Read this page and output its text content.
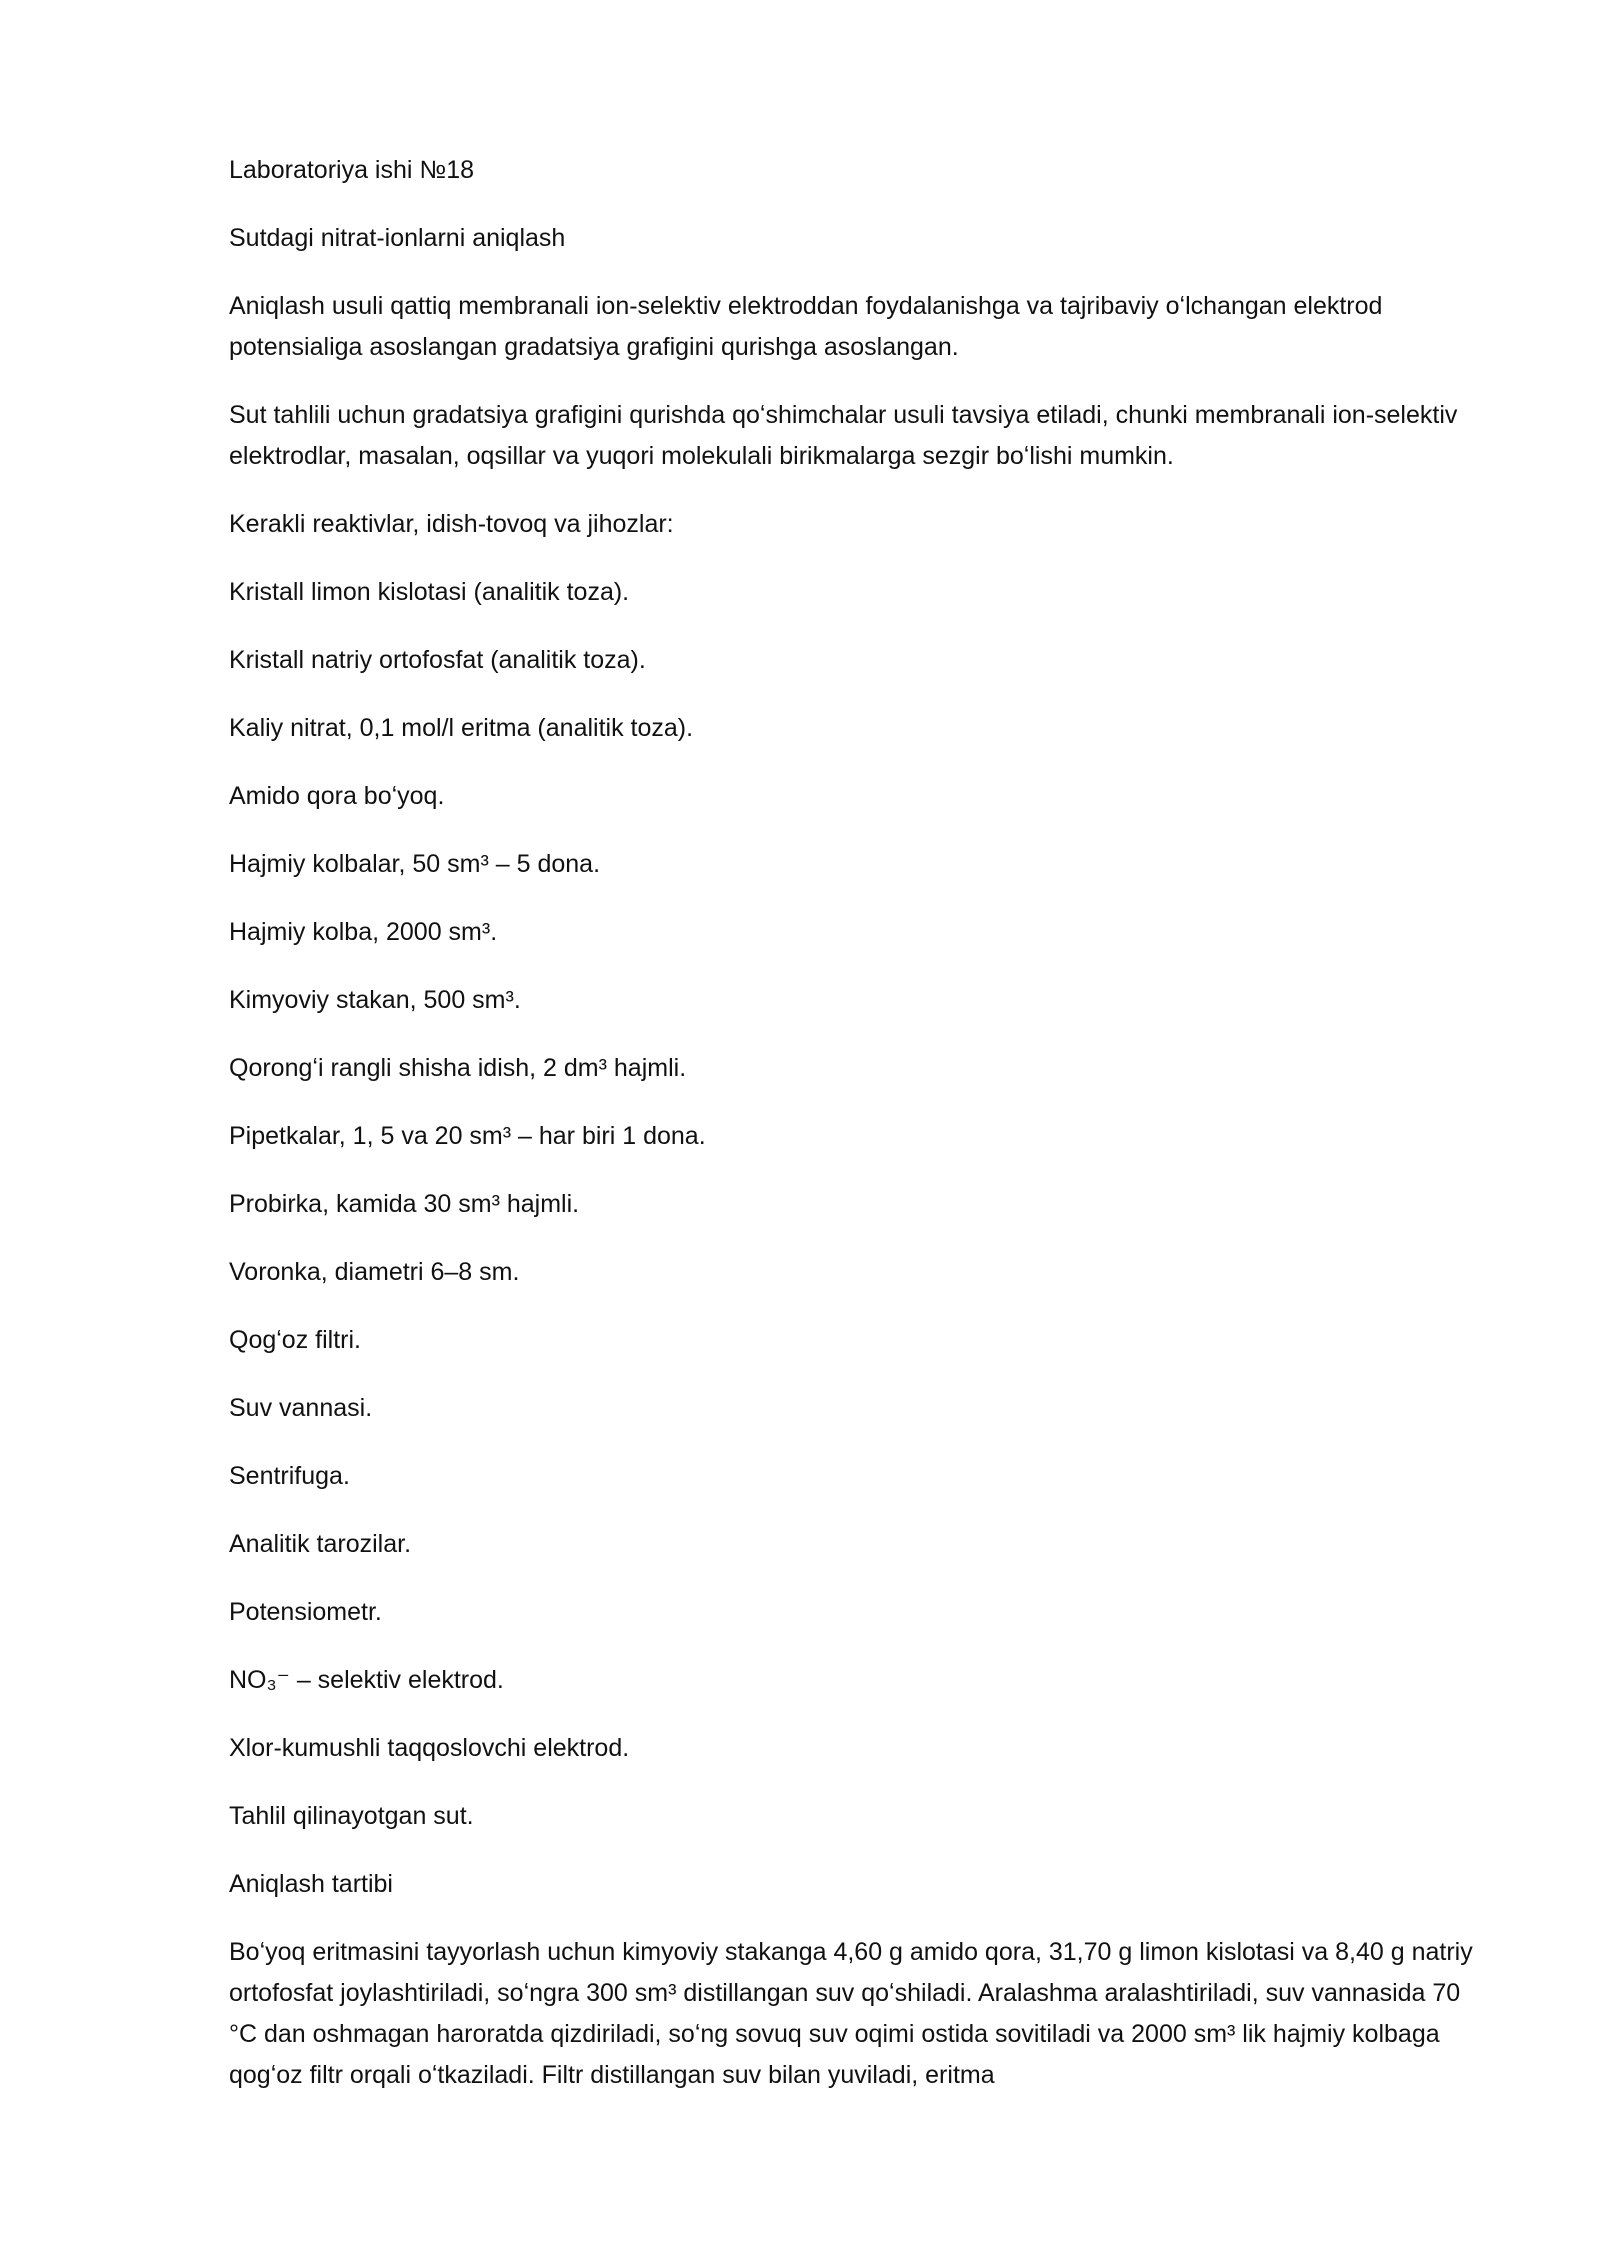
Laboratoriya ishi №18

Sutdagi nitrat-ionlarni aniqlash

Aniqlash usuli qattiq membranali ion-selektiv elektroddan foydalanishga va tajribaviy oʻlchangan elektrod potensialiga asoslangan gradatsiya grafigini qurishga asoslangan.

Sut tahlili uchun gradatsiya grafigini qurishda qoʻshimchalar usuli tavsiya etiladi, chunki membranali ion-selektiv elektrodlar, masalan, oqsillar va yuqori molekulali birikmalarga sezgir boʻlishi mumkin.

Kerakli reaktivlar, idish-tovoq va jihozlar:

Kristall limon kislotasi (analitik toza).

Kristall natriy ortofosfat (analitik toza).

Kaliy nitrat, 0,1 mol/l eritma (analitik toza).

Amido qora boʻyoq.

Hajmiy kolbalar, 50 sm³ – 5 dona.

Hajmiy kolba, 2000 sm³.

Kimyoviy stakan, 500 sm³.

Qorongʻi rangli shisha idish, 2 dm³ hajmli.

Pipetkalar, 1, 5 va 20 sm³ – har biri 1 dona.

Probirka, kamida 30 sm³ hajmli.

Voronka, diametri 6–8 sm.

Qogʻoz filtri.

Suv vannasi.

Sentrifuga.

Analitik tarozilar.

Potensiometr.

NO₃⁻ – selektiv elektrod.

Xlor-kumushli taqqoslovchi elektrod.

Tahlil qilinayotgan sut.

Aniqlash tartibi

Boʻyoq eritmasini tayyorlash uchun kimyoviy stakanga 4,60 g amido qora, 31,70 g limon kislotasi va 8,40 g natriy ortofosfat joylashtiriladi, soʻngra 300 sm³ distillangan suv qoʻshiladi. Aralashma aralashtiriladi, suv vannasida 70 °C dan oshmagan haroratda qizdiriladi, soʻng sovuq suv oqimi ostida sovitiladi va 2000 sm³ lik hajmiy kolbaga qogʻoz filtr orqali oʻtkaziladi. Filtr distillangan suv bilan yuviladi, eritma
